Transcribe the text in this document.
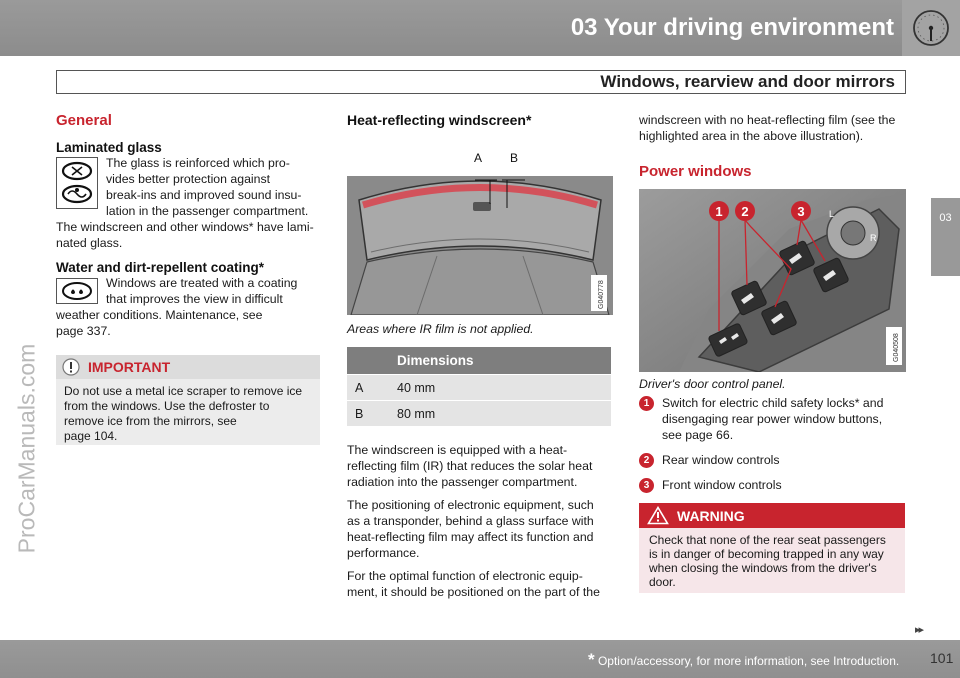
03 Your driving environment
Windows, rearview and door mirrors
03
ProCarManuals.com
General
Laminated glass
The glass is reinforced which pro-
vides better protection against
break-ins and improved sound insu-
lation in the passenger compartment.
The windscreen and other windows* have lami-
nated glass.
Water and dirt-repellent coating*
Windows are treated with a coating
that improves the view in difficult
weather conditions. Maintenance, see
page 337.
IMPORTANT
Do not use a metal ice scraper to remove ice
from the windows. Use the defroster to
remove ice from the mirrors, see
page 104.
Heat-reflecting windscreen*
A B
G040778
Areas where IR film is not applied.
Dimensions
A	40 mm
B	80 mm
The windscreen is equipped with a heat-
reflecting film (IR) that reduces the solar heat
radiation into the passenger compartment.
The positioning of electronic equipment, such
as a transponder, behind a glass surface with
heat-reflecting film may affect its function and
performance.
For the optimal function of electronic equip-
ment, it should be positioned on the part of the
windscreen with no heat-reflecting film (see the
highlighted area in the above illustration).
Power windows
L
R
1 2	3
G040508
Driver's door control panel.
1	Switch for electric child safety locks* and
disengaging rear power window buttons,
see page 66.
2	Rear window controls
3	Front window controls
WARNING
Check that none of the rear seat passengers
is in danger of becoming trapped in any way
when closing the windows from the driver's
door.
▸▸
* Option/accessory, for more information, see Introduction. 101
